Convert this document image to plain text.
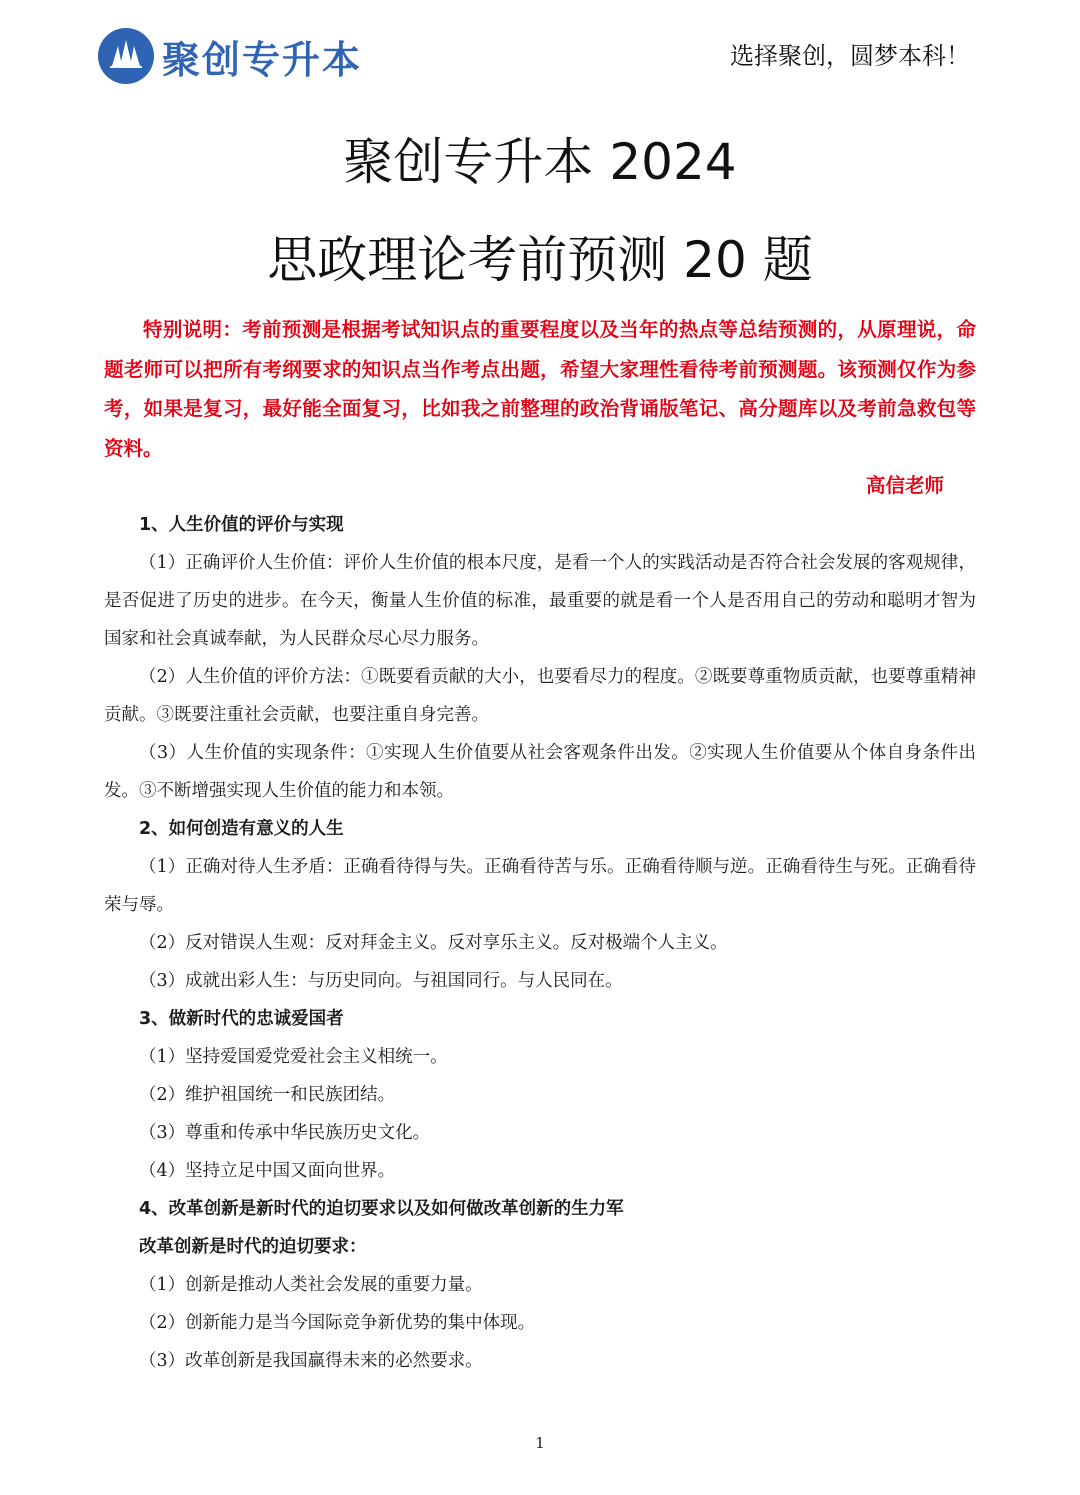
聚创专升本	选择聚创，圆梦本科！
聚创专升本 2024
思政理论考前预测 20 题

特别说明：考前预测是根据考试知识点的重要程度以及当年的热点等总结预测的，从原理说，命题老师可以把所有考纲要求的知识点当作考点出题，希望大家理性看待考前预测题。该预测仅作为参考，如果是复习，最好能全面复习，比如我之前整理的政治背诵版笔记、高分题库以及考前急救包等资料。

高信老师
1、人生价值的评价与实现
（1）正确评价人生价值：评价人生价值的根本尺度，是看一个人的实践活动是否符合社会发展的客观规律，是否促进了历史的进步。在今天，衡量人生价值的标准，最重要的就是看一个人是否用自己的劳动和聪明才智为国家和社会真诚奉献，为人民群众尽心尽力服务。
（2）人生价值的评价方法：①既要看贡献的大小，也要看尽力的程度。②既要尊重物质贡献，也要尊重精神贡献。③既要注重社会贡献，也要注重自身完善。
（3）人生价值的实现条件：①实现人生价值要从社会客观条件出发。②实现人生价值要从个体自身条件出发。③不断增强实现人生价值的能力和本领。
2、如何创造有意义的人生
（1）正确对待人生矛盾：正确看待得与失。正确看待苦与乐。正确看待顺与逆。正确看待生与死。正确看待荣与辱。
（2）反对错误人生观：反对拜金主义。反对享乐主义。反对极端个人主义。
（3）成就出彩人生：与历史同向。与祖国同行。与人民同在。
3、做新时代的忠诚爱国者
（1）坚持爱国爱党爱社会主义相统一。
（2）维护祖国统一和民族团结。
（3）尊重和传承中华民族历史文化。
（4）坚持立足中国又面向世界。
4、改革创新是新时代的迫切要求以及如何做改革创新的生力军
改革创新是时代的迫切要求：
（1）创新是推动人类社会发展的重要力量。
（2）创新能力是当今国际竞争新优势的集中体现。
（3）改革创新是我国赢得未来的必然要求。
1
